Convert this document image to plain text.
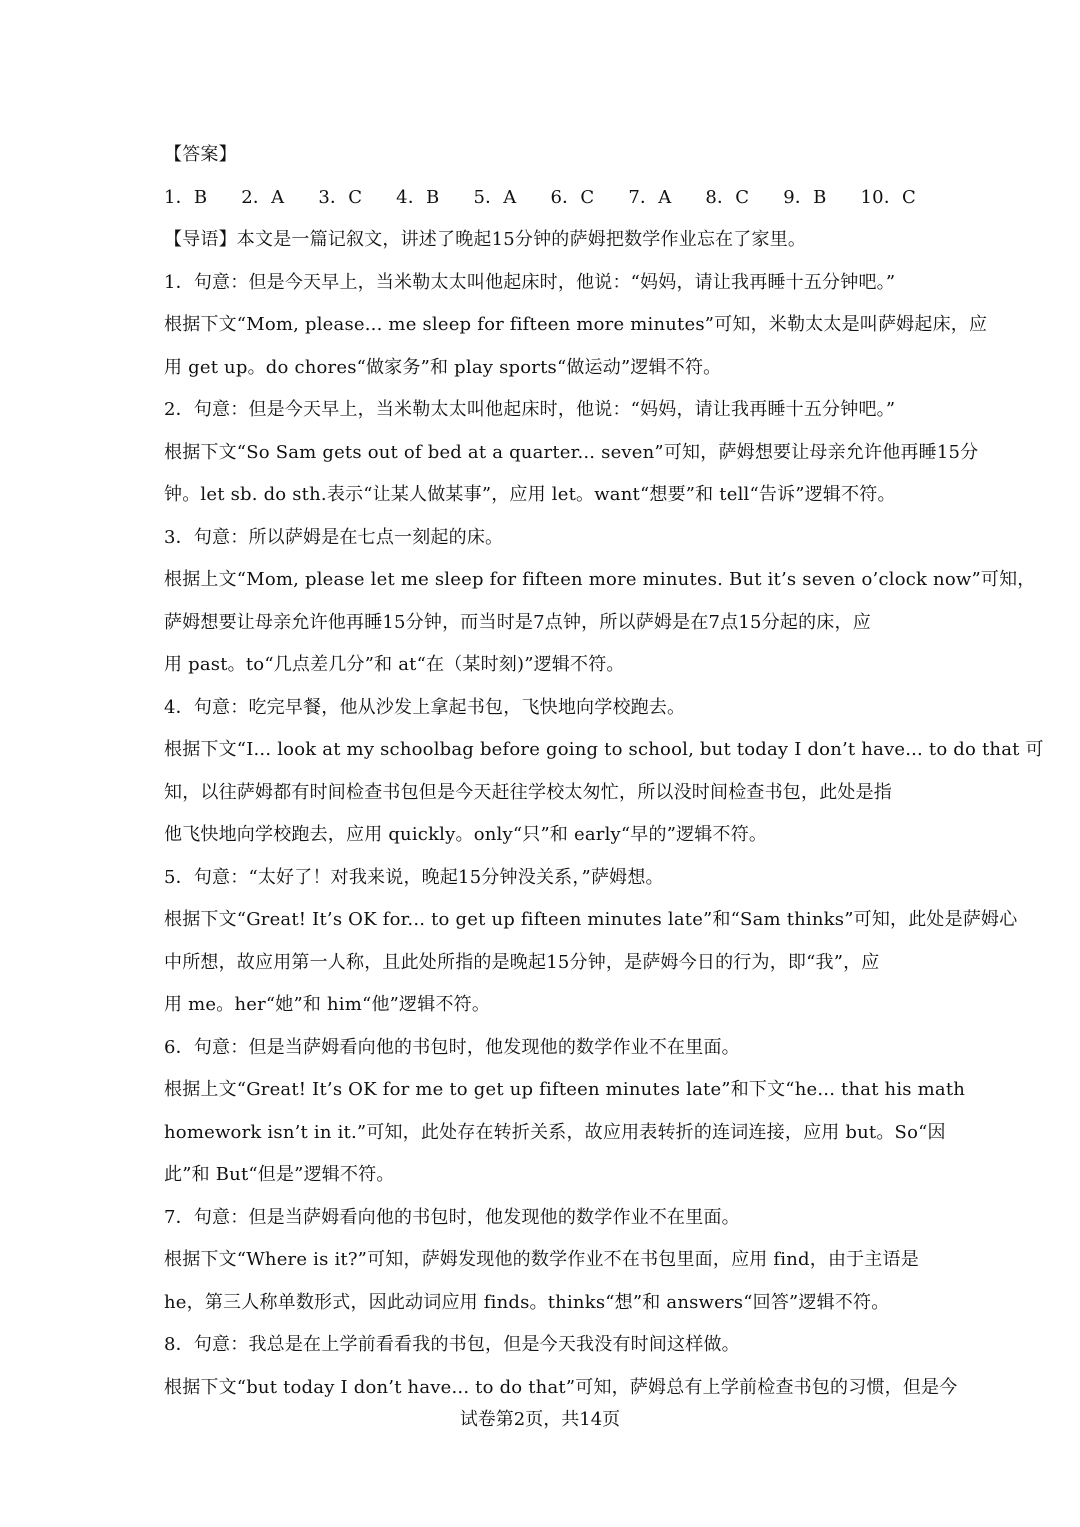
【答案】
1．B 2．A 3．C 4．B 5．A 6．C 7．A 8．C 9．B 10．C
【导语】本文是一篇记叙文，讲述了晚起15分钟的萨姆把数学作业忘在了家里。
1．句意：但是今天早上，当米勒太太叫他起床时，他说：“妈妈，请让我再睡十五分钟吧。”
根据下文“Mom, please... me sleep for fifteen more minutes”可知，米勒太太是叫萨姆起床，应
用 get up。do chores“做家务”和 play sports“做运动”逻辑不符。
2．句意：但是今天早上，当米勒太太叫他起床时，他说：“妈妈，请让我再睡十五分钟吧。”
根据下文“So Sam gets out of bed at a quarter... seven”可知，萨姆想要让母亲允许他再睡15分
钟。let sb. do sth.表示“让某人做某事”，应用 let。want“想要”和 tell“告诉”逻辑不符。
3．句意：所以萨姆是在七点一刻起的床。
根据上文“Mom, please let me sleep for fifteen more minutes. But it’s seven o’clock now”可知，
萨姆想要让母亲允许他再睡15分钟，而当时是7点钟，所以萨姆是在7点15分起的床，应
用 past。to“几点差几分”和 at“在（某时刻)”逻辑不符。
4．句意：吃完早餐，他从沙发上拿起书包，飞快地向学校跑去。
根据下文“I... look at my schoolbag before going to school, but today I don’t have... to do that 可
知，以往萨姆都有时间检查书包但是今天赶往学校太匆忙，所以没时间检查书包，此处是指
他飞快地向学校跑去，应用 quickly。only“只”和 early“早的”逻辑不符。
5．句意：“太好了！对我来说，晚起15分钟没关系，”萨姆想。
根据下文“Great! It’s OK for... to get up fifteen minutes late”和“Sam thinks”可知，此处是萨姆心
中所想，故应用第一人称，且此处所指的是晚起15分钟，是萨姆今日的行为，即“我”，应
用 me。her“她”和 him“他”逻辑不符。
6．句意：但是当萨姆看向他的书包时，他发现他的数学作业不在里面。
根据上文“Great! It’s OK for me to get up fifteen minutes late”和下文“he... that his math
homework isn’t in it.”可知，此处存在转折关系，故应用表转折的连词连接，应用 but。So“因
此”和 But“但是”逻辑不符。
7．句意：但是当萨姆看向他的书包时，他发现他的数学作业不在里面。
根据下文“Where is it?”可知，萨姆发现他的数学作业不在书包里面，应用 find，由于主语是
he，第三人称单数形式，因此动词应用 finds。thinks“想”和 answers“回答”逻辑不符。
8．句意：我总是在上学前看看我的书包，但是今天我没有时间这样做。
根据下文“but today I don’t have... to do that”可知，萨姆总有上学前检查书包的习惯，但是今
试卷第2页，共14页
